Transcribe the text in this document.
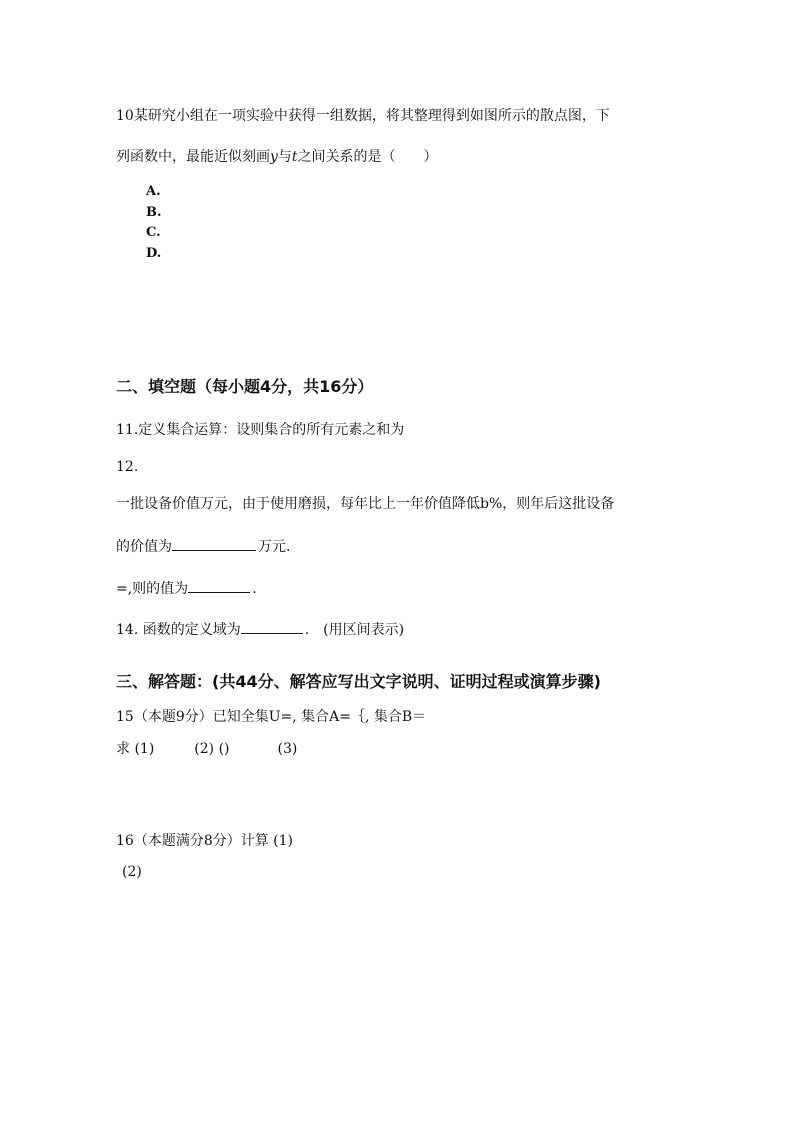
10某研究小组在一项实验中获得一组数据，将其整理得到如图所示的散点图，下
列函数中，最能近似刻画y与t之间关系的是（　　）
A.
B.
C.
D.
二、填空题（每小题4分，共16分）
11.定义集合运算：设则集合的所有元素之和为
12.
一批设备价值万元，由于使用磨损，每年比上一年价值降低b%，则年后这批设备
的价值为	万元.
=,则的值为	.
14. 函数的定义域为	.　(用区间表示)
三、解答题：(共44分、解答应写出文字说明、证明过程或演算步骤)
15（本题9分）已知全集U=, 集合A=｛, 集合B＝
求 (1)	(2) ()	(3)
16（本题满分8分）计算 (1)
(2)
